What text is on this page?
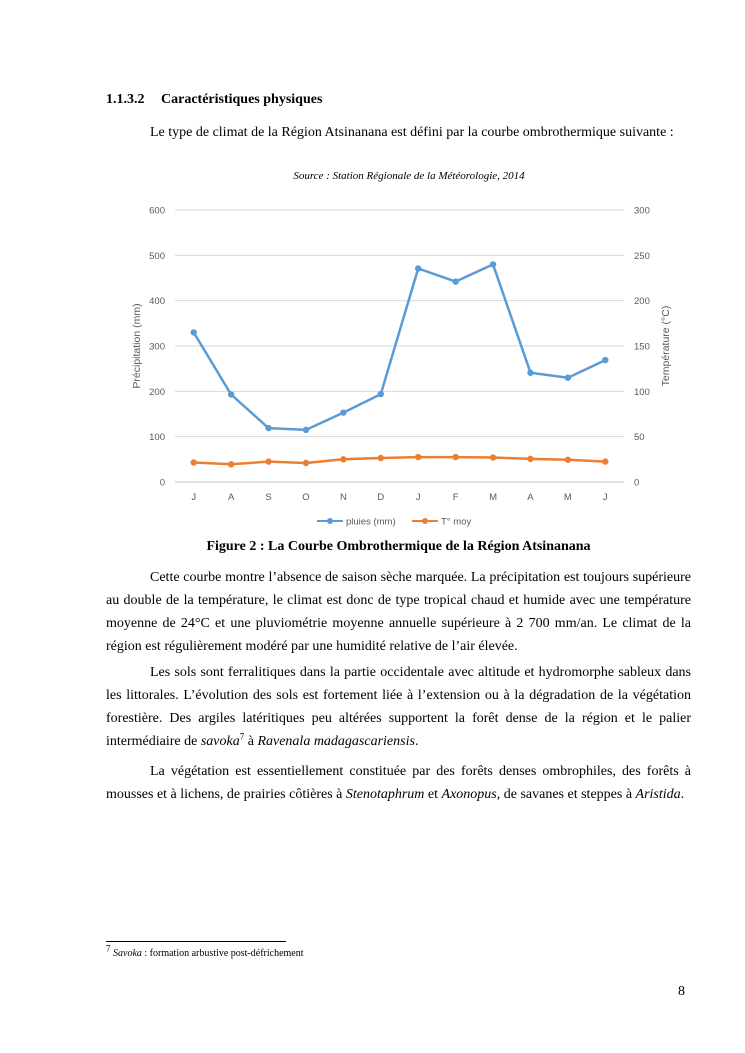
1.1.3.2 Caractéristiques physiques

Le type de climat de la Région Atsinanana est défini par la courbe ombrothermique suivante :

Source : Station Régionale de la Météorologie, 2014

0
100
200
300
400
500
600
0
50
100
150
200
250
300
J	A	S	O	N	D	J	F	M	A	M	J
Précipitation (mm)	Température (°C)
pluies (mm)	T° moy

Figure 2 : La Courbe Ombrothermique de la Région Atsinanana

Cette courbe montre l’absence de saison sèche marquée. La précipitation est toujours supérieure au double de la température, le climat est donc de type tropical chaud et humide avec une température moyenne de 24°C et une pluviométrie moyenne annuelle supérieure à 2 700 mm/an. Le climat de la région est régulièrement modéré par une humidité relative de l’air élevée.

Les sols sont ferralitiques dans la partie occidentale avec altitude et hydromorphe sableux dans les littorales. L’évolution des sols est fortement liée à l’extension ou à la dégradation de la végétation forestière. Des argiles latéritiques peu altérées supportent la forêt dense de la région et le palier intermédiaire de savoka$^7$ à Ravenala madagascariensis.

La végétation est essentiellement constituée par des forêts denses ombrophiles, des forêts à mousses et à lichens, de prairies côtières à Stenotaphrum et Axonopus, de savanes et steppes à Aristida.

$^7$ Savoka : formation arbustive post-défrichement

8
